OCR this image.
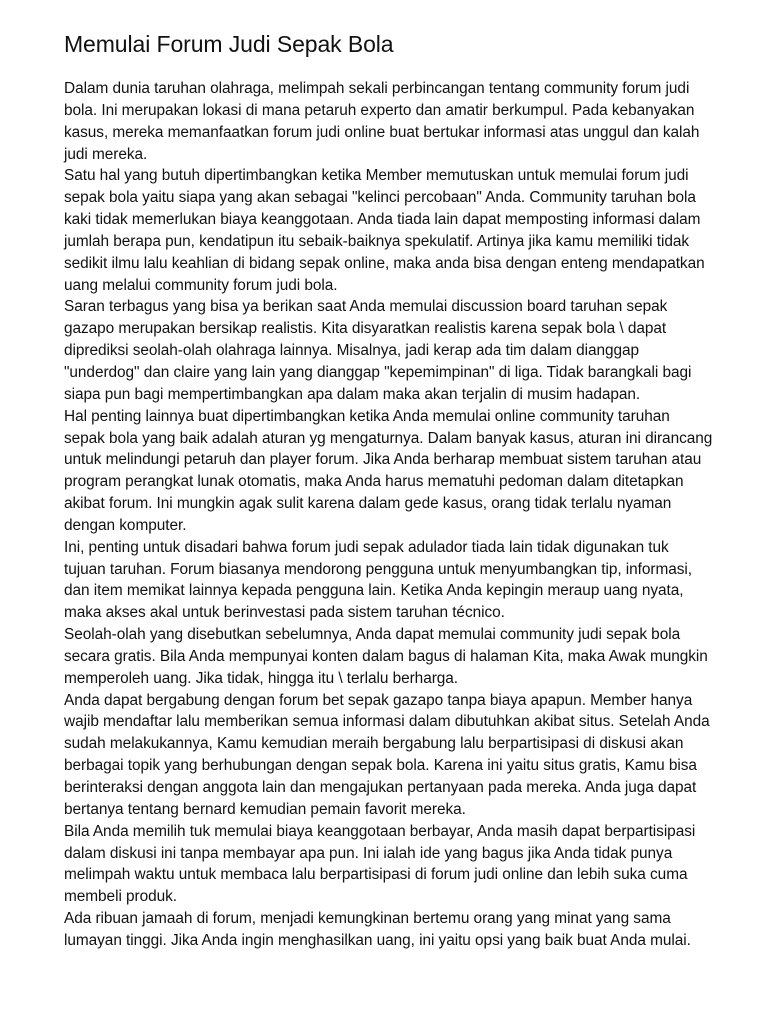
Memulai Forum Judi Sepak Bola

Dalam dunia taruhan olahraga, melimpah sekali perbincangan tentang community forum judi bola. Ini merupakan lokasi di mana petaruh experto dan amatir berkumpul. Pada kebanyakan kasus, mereka memanfaatkan forum judi online buat bertukar informasi atas unggul dan kalah judi mereka.

Satu hal yang butuh dipertimbangkan ketika Member memutuskan untuk memulai forum judi sepak bola yaitu siapa yang akan sebagai "kelinci percobaan" Anda. Community taruhan bola kaki tidak memerlukan biaya keanggotaan. Anda tiada lain dapat memposting informasi dalam jumlah berapa pun, kendatipun itu sebaik-baiknya spekulatif. Artinya jika kamu memiliki tidak sedikit ilmu lalu keahlian di bidang sepak online, maka anda bisa dengan enteng mendapatkan uang melalui community forum judi bola.

Saran terbagus yang bisa ya berikan saat Anda memulai discussion board taruhan sepak gazapo merupakan bersikap realistis. Kita disyaratkan realistis karena sepak bola \ dapat diprediksi seolah-olah olahraga lainnya. Misalnya, jadi kerap ada tim dalam dianggap "underdog" dan claire yang lain yang dianggap "kepemimpinan" di liga. Tidak barangkali bagi siapa pun bagi mempertimbangkan apa dalam maka akan terjalin di musim hadapan.

Hal penting lainnya buat dipertimbangkan ketika Anda memulai online community taruhan sepak bola yang baik adalah aturan yg mengaturnya. Dalam banyak kasus, aturan ini dirancang untuk melindungi petaruh dan player forum. Jika Anda berharap membuat sistem taruhan atau program perangkat lunak otomatis, maka Anda harus mematuhi pedoman dalam ditetapkan akibat forum. Ini mungkin agak sulit karena dalam gede kasus, orang tidak terlalu nyaman dengan komputer.

Ini, penting untuk disadari bahwa forum judi sepak adulador tiada lain tidak digunakan tuk tujuan taruhan. Forum biasanya mendorong pengguna untuk menyumbangkan tip, informasi, dan item memikat lainnya kepada pengguna lain. Ketika Anda kepingin meraup uang nyata, maka akses akal untuk berinvestasi pada sistem taruhan técnico.

Seolah-olah yang disebutkan sebelumnya, Anda dapat memulai community judi sepak bola secara gratis. Bila Anda mempunyai konten dalam bagus di halaman Kita, maka Awak mungkin memperoleh uang. Jika tidak, hingga itu \ terlalu berharga.

Anda dapat bergabung dengan forum bet sepak gazapo tanpa biaya apapun. Member hanya wajib mendaftar lalu memberikan semua informasi dalam dibutuhkan akibat situs. Setelah Anda sudah melakukannya, Kamu kemudian meraih bergabung lalu berpartisipasi di diskusi akan berbagai topik yang berhubungan dengan sepak bola. Karena ini yaitu situs gratis, Kamu bisa berinteraksi dengan anggota lain dan mengajukan pertanyaan pada mereka. Anda juga dapat bertanya tentang bernard kemudian pemain favorit mereka.

Bila Anda memilih tuk memulai biaya keanggotaan berbayar, Anda masih dapat berpartisipasi dalam diskusi ini tanpa membayar apa pun. Ini ialah ide yang bagus jika Anda tidak punya melimpah waktu untuk membaca lalu berpartisipasi di forum judi online dan lebih suka cuma membeli produk.

Ada ribuan jamaah di forum, menjadi kemungkinan bertemu orang yang minat yang sama lumayan tinggi. Jika Anda ingin menghasilkan uang, ini yaitu opsi yang baik buat Anda mulai.
